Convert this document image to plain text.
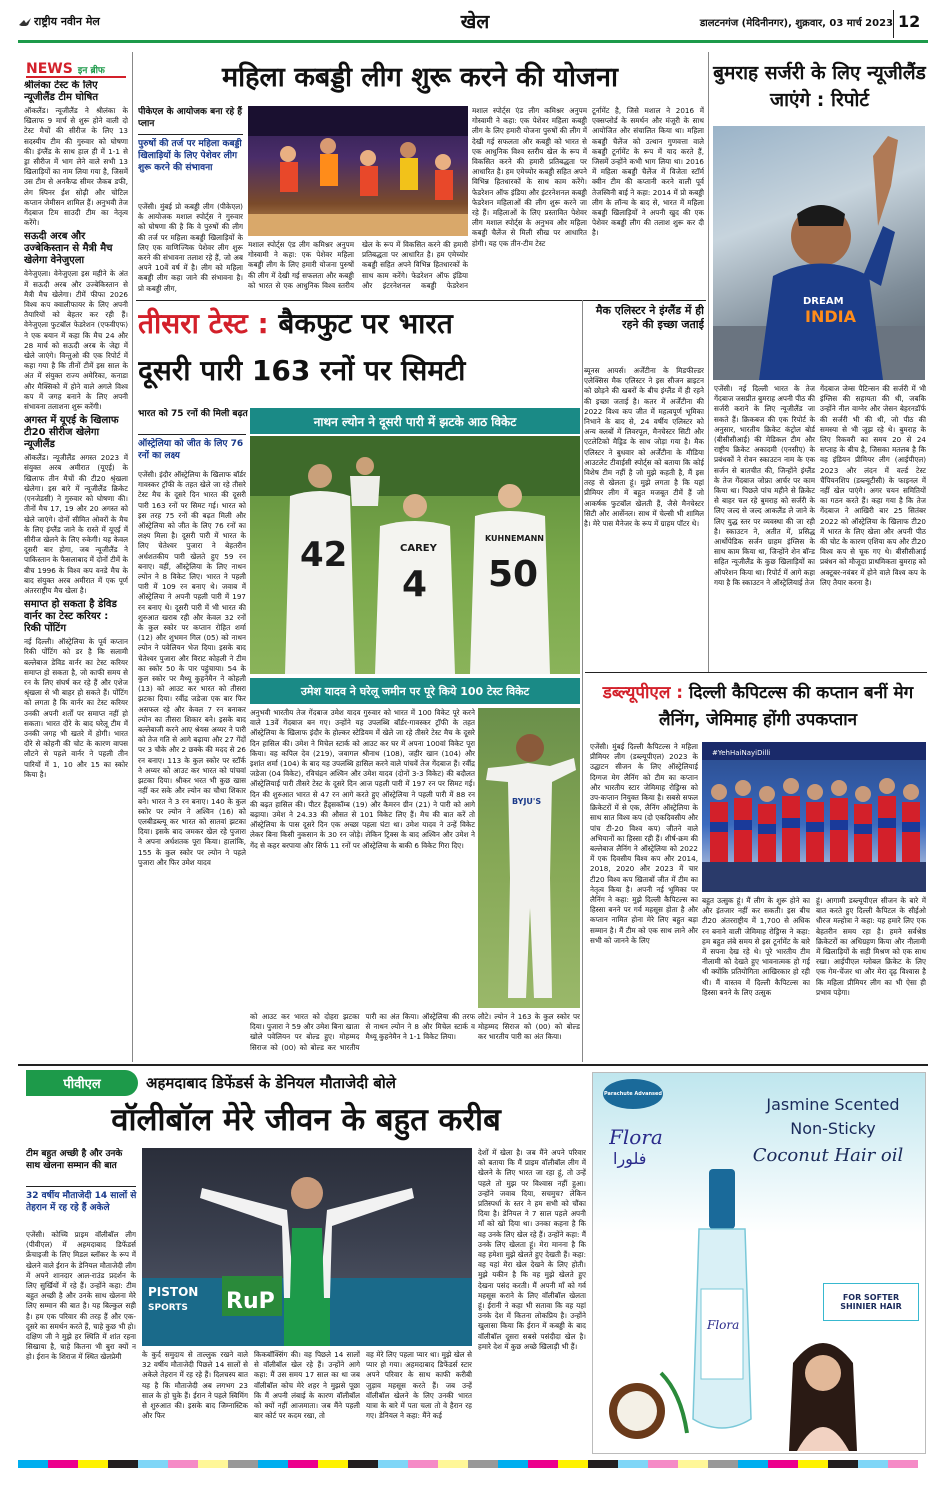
राष्ट्रीय नवीन मेल	खेल	डालटनगंज (मेदिनीनगर), शुक्रवार, 03 मार्च 2023 12
NEWS इन ब्रीफ
श्रीलंका टेस्ट के लिए न्यूजीलैंड टीम घोषित

ऑकलैंड। न्यूजीलैंड ने श्रीलंका के खिलाफ 9 मार्च से शुरू होने वाली दो टेस्ट मैचों की सीरीज के लिए 13 सदस्यीय टीम की गुरुवार को घोषणा की। इंग्लैंड के साथ हाल ही में 1-1 से ड्रा सीरीज में भाग लेने वाले सभी 13 खिलाड़ियों का नाम लिया गया है, जिसमें उस टीम से अनकैप्ड सीमर जैकब डफी, लेग स्पिनर ईश सोढ़ी और चोटिल कप्तान जेमीसन शामिल हैं। अनुभवी तेज गेंदबाज टिम साउदी टीम का नेतृत्व करेंगे।

सऊदी अरब और उज्बेकिस्तान से मैत्री मैच खेलेगा वेनेजुएला

वेनेजुएला। वेनेजुएला इस महीने के अंत में सऊदी अरब और उज्बेकिस्तान से मैत्री मैच खेलेगा। टीमें फीफा 2026 विश्व कप क्वालीफायर के लिए अपनी तैयारियों को बेहतर कर रही हैं। वेनेजुएला फुटबॉल फेडरेशन (एफवीएफ) ने एक बयान में कहा कि मैच 24 और 28 मार्च को सऊदी अरब के जेद्दा में खेले जाएंगे। विन्तुओ की एक रिपोर्ट में कहा गया है कि तीनों टीमें इस साल के अंत में संयुक्त राज्य अमेरिका, कनाडा और मैक्सिको में होने वाले अगले विश्व कप में जगह बनाने के लिए अपनी संभावना तलाशना शुरू करेंगी।

अगस्त में यूएई के खिलाफ टी20 सीरीज खेलेगा न्यूजीलैंड

ऑकलैंड। न्यूजीलैंड अगस्त 2023 में संयुक्त अरब अमीरात (यूएई) के खिलाफ तीन मैचों की टी20 श्रृंखला खेलेगा। इस बारे में न्यूजीलैंड क्रिकेट (एनजेडसी) ने गुरुवार को घोषणा की। तीनों मैच 17, 19 और 20 अगस्त को खेले जाएंगे। दोनों सीमित ओवरों के मैच के लिए इंग्लैंड जाने के रास्ते में यूएई में सीरीज खेलने के लिए रुकेगी। यह केवल दूसरी बार होगा, जब न्यूजीलैंड ने पाकिस्तान के फैसलाबाद में दोनों टीमें के बीच 1996 के विश्व कप वनडे मैच के बाद संयुक्त अरब अमीरात में एक पूर्ण अंतरराष्ट्रीय मैच खेला है।

समाप्त हो सकता है डेविड वार्नर का टेस्ट करियर : रिकी पोंटिंग

नई दिल्ली। ऑस्ट्रेलिया के पूर्व कप्तान रिकी पोंटिंग को डर है कि सलामी बल्लेबाज डेविड वार्नर का टेस्ट करियर समाप्त हो सकता है, जो काफी समय से रन के लिए संघर्ष कर रहे हैं और एशेज श्रृंखला से भी बाहर हो सकते हैं। पोंटिंग को लगता है कि वार्नर का टेस्ट करियर उनकी अपनी शर्तों पर समाप्त नहीं हो सकता। भारत दौरे के बाद घरेलू टीम में उनकी जगह भी खतरे में होगी। भारत दौरे से कोहनी की चोट के कारण वापस लौटने से पहले वार्नर ने पहली तीन पारियों में 1, 10 और 15 का स्कोर किया है।

महिला कबड्डी लीग शुरू करने की योजना
पीकेएल के आयोजक बना रहे हैं प्लान
पुरुषों की तर्ज पर महिला कबड्डी खिलाड़ियों के लिए पेशेवर लीग शुरू करने की संभावना

एजेंसी। मुंबई प्रो कबड्डी लीग (पीकेएल) के आयोजक मशाल स्पोर्ट्स ने गुरुवार को घोषणा की है कि वे पुरुषों की लीग की तर्ज पर महिला कबड्डी खिलाड़ियों के लिए एक वाणिज्यिक पेशेवर लीग शुरू करने की संभावना तलाश रहे हैं, जो अब अपने 10वें वर्ष में है। लीग को महिला कबड्डी लीग कहा जाने की संभावना है। प्रो कबड्डी लीग,

मशाल स्पोर्ट्स एंड लीग कमिश्नर अनुपम गोस्वामी ने कहा: एक पेशेवर महिला कबड्डी लीग के लिए हमारी योजना पुरुषों की लीग में देखी गई सफलता और कबड्डी को भारत से एक आधुनिक विश्व स्तरीय खेल के रूप में विकसित करने की हमारी प्रतिबद्धता पर आधारित है। हम एमेच्योर कबड्डी सहित अपने विभिन्न हितधारकों के साथ काम करेंगे। फेडरेशन ऑफ इंडिया और इंटरनेशनल कबड्डी फेडरेशन

मशाल स्पोर्ट्स एंड लीग कमिश्नर अनुपम गोस्वामी ने कहा: एक पेशेवर महिला कबड्डी लीग के लिए हमारी योजना पुरुषों की लीग में देखी गई सफलता और कबड्डी को भारत से एक आधुनिक विश्व स्तरीय खेल के रूप में विकसित करने की हमारी प्रतिबद्धता पर आधारित है। हम एमेच्योर कबड्डी सहित अपने विभिन्न हितधारकों के साथ काम करेंगे। फेडरेशन ऑफ इंडिया और इंटरनेशनल कबड्डी फेडरेशन महिलाओं की लीग शुरू करने जा रहे हैं। महिलाओं के लिए प्रस्तावित पेशेवर लीग मशाल स्पोर्ट्स के अनुभव और महिला कबड्डी चैलेंज से मिली सीख पर आधारित होगी। यह एक तीन-टीम टेस्ट

टूर्नामेंट है, जिसे मशाल ने 2016 में एक्सप्लोर्ड के समर्थन और मंजूरी के साथ आयोजित और संचालित किया था। महिला कबड्डी चैलेंज को उत्थान गुणवत्ता वाले कबड्डी टूर्नामेंट के रूप में याद करते हैं, जिसमें उन्होंने कभी भाग लिया था। 2016 में महिला कबड्डी चैलेंज में विजेता स्टॉर्म क्वीन टीम की कप्तानी करने वाली पूर्व तेजस्विनी बाई ने कहा: 2014 में प्रो कबड्डी लीग के लॉन्च के बाद से, भारत में महिला कबड्डी खिलाड़ियों ने अपनी खुद की एक पेशेवर कबड्डी लीग की तलाश शुरू कर दी है।

बुमराह सर्जरी के लिए न्यूजीलैंड जाएंगे : रिपोर्ट
INDIA
DREAM

एजेंसी। नई दिल्ली भारत के तेज गेंदबाज जसप्रीत बुमराह अपनी पीठ की सर्जरी कराने के लिए न्यूजीलैंड जा सकते हैं। क्रिकबज की एक रिपोर्ट के अनुसार, भारतीय क्रिकेट कंट्रोल बोर्ड (बीसीसीआई) की मेडिकल टीम और राष्ट्रीय क्रिकेट अकादमी (एनसीए) के प्रबंधकों ने रोवन स्काउटन नाम के एक सर्जन से बातचीत की, जिन्होंने इंग्लैंड के तेज गेंदबाज जोफ्रा आर्चर पर काम किया था। पिछले पांच महीने से क्रिकेट से बाहर चल रहे बुमराह को सर्जरी के लिए जल्द से जल्द आकलैंड ले जाने के लिए युद्ध स्तर पर व्यवस्था की जा रही है। स्काउटन ने, अतीत में, प्रसिद्ध आर्थोपेडिक सर्जन ग्राहम इंग्लिस के साथ काम किया था, जिन्होंने शेन बॉन्ड सहित न्यूजीलैंड के कुछ खिलाड़ियों का ऑपरेशन किया था। रिपोर्ट में आगे कहा गया है कि स्काउटन ने ऑस्ट्रेलियाई तेज

गेंदबाज जेम्स पैटिन्सन की सर्जरी में भी इंग्लिस की सहायता की थी, जबकि उन्होंने नील वाग्नेर और जेसन बेहरनडॉर्फ की सर्जरी भी की थी, जो पीठ की समस्या से भी जूझ रहे थे। बुमराह के लिए रिकवरी का समय 20 से 24 सप्ताह के बीच है, जिसका मतलब है कि वह इंडियन प्रीमियर लीग (आईपीएल) 2023 और लंदन में वर्ल्ड टेस्ट चैंपियनशिप (डब्ल्यूटीसी) के फाइनल में नहीं खेल पाएंगे। अगर चयन समितियों का गठन करते हैं। कहा गया है कि तेज गेंदबाज ने आखिरी बार 25 सितंबर 2022 को ऑस्ट्रेलिया के खिलाफ टी20 में भारत के लिए खेला और अपनी पीठ की चोट के कारण एशिया कप और टी20 विश्व कप से चूक गए थे। बीसीसीआई प्रबंधन को मौजूदा प्राथमिकता बुमराह को अक्टूबर-नवंबर में होने वाले विश्व कप के लिए तैयार करना है।

तीसरा टेस्ट : बैकफुट पर भारत
दूसरी पारी 163 रनों पर सिमटी
भारत को 75 रनों की मिली बढ़त
ऑस्ट्रेलिया को जीत के लिए 76 रनों का लक्ष्य

एजेंसी। इंदौर ऑस्ट्रेलिया के खिलाफ बॉर्डर गावस्कर ट्रॉफी के तहत खेले जा रहे तीसरे टेस्ट मैच के दूसरे दिन भारत की दूसरी पारी 163 रनों पर सिमट गई। भारत को इस तरह 75 रनों की बढ़त मिली और ऑस्ट्रेलिया को जीत के लिए 76 रनों का लक्ष्य मिला है। दूसरी पारी में भारत के लिए चेतेश्वर पुजारा ने बेहतरीन अर्धशतकीय पारी खेलते हुए 59 रन बनाए। वहीं, ऑस्ट्रेलिया के लिए नाथन ल्योन ने 8 विकेट लिए। भारत ने पहली पारी में 109 रन बनाए थे। जवाब में ऑस्ट्रेलिया ने अपनी पहली पारी में 197 रन बनाए थे। दूसरी पारी में भी भारत की शुरुआत खराब रही और केवल 32 रनों के कुल स्कोर पर कप्तान रोहित शर्मा (12) और शुभमन गिल (05) को नाथन ल्योन ने पवेलियन भेज दिया। इसके बाद चेतेश्वर पुजारा और विराट कोहली ने टीम का स्कोर 50 के पार पहुंचाया। 54 के कुल स्कोर पर मैथ्यू कुहनेमैन ने कोहली (13) को आउट कर भारत को तीसरा झटका दिया। रवींद्र जडेजा एक बार फिर असफल रहे और केवल 7 रन बनाकर ल्योन का तीसरा शिकार बने। इसके बाद बल्लेबाजी करने आए श्रेयस अय्यर ने पारी को तेज गति से आगे बढ़ाया और 27 गेंदों पर 3 चौके और 2 छक्के की मदद से 26 रन बनाए। 113 के कुल स्कोर पर स्टॉर्क ने अय्यर को आउट कर भारत को पांचवां झटका दिया। श्रीकर भरत भी कुछ खास नहीं कर सके और ल्योन का चौथा शिकार बने। भारत ने 3 रन बनाए। 140 के कुल स्कोर पर ल्योन ने अश्विन (16) को एलबीडब्ल्यू कर भारत को सातवां झटका दिया। इसके बाद जमकर खेल रहे पुजारा ने अपना अर्धशतक पूरा किया। हालांकि, 155 के कुल स्कोर पर ल्योन ने पहले पुजारा और फिर उमेश यादव

नाथन ल्योन ने दूसरी पारी में झटके आठ विकेट
42	CAREY
4
KUHNEMANN
50
मैक एलिस्टर ने इंग्लैंड में ही रहने की इच्छा जताई

ब्यूनस आयर्स। अर्जेंटीना के मिडफील्डर एलेक्सिस मैक एलिस्टर ने इस सीजन ब्राइटन को छोड़ने की खबरों के बीच इंग्लैंड में ही रहने की इच्छा जताई है। कतर में अर्जेंटीना की 2022 विश्व कप जीत में महत्वपूर्ण भूमिका निभाने के बाद से, 24 वर्षीय एलिस्टर को अन्य क्लबों में लिवरपूल, मैनचेस्टर सिटी और एटलेटिको मैड्रिड के साथ जोड़ा गया है। मैक एलिस्टर ने बुधवार को अर्जेंटीना के मीडिया आउटलेट टीवाईसी स्पोर्ट्स को बताया कि कोई विशेष टीम नहीं है जो मुझे कहती है, मैं इस तरह से खेलता हूं। मुझे लगता है कि यहां प्रीमियर लीग में बहुत मजबूत टीमें हैं जो आकर्षक फुटबॉल खेलती हैं, जैसे मैनचेस्टर सिटी और आर्सेनल। साथ में चेल्सी भी शामिल है। मेरे पास मैनेजर के रूप में ग्राहम पॉटर थे।

उमेश यादव ने घरेलू जमीन पर पूरे किये 100 टेस्ट विकेट

अनुभवी भारतीय तेज गेंदबाज उमेश यादव गुरुवार को भारत में 100 विकेट पूरे करने वाले 13वें गेंदबाज बन गए। उन्होंने यह उपलब्धि बॉर्डर-गावस्कर ट्रॉफी के तहत ऑस्ट्रेलिया के खिलाफ इंदौर के होल्कर स्टेडियम में खेले जा रहे तीसरे टेस्ट मैच के दूसरे दिन हासिल की। उमेश ने मिचेल स्टार्क को आउट कर घर में अपना 100वां विकेट पूरा किया। वह कपिल देव (219), जवागल श्रीनाथ (108), जहीर खान (104) और इशांत शर्मा (104) के बाद यह उपलब्धि हासिल करने वाले पांचवें तेज गेंदबाज हैं। रवींद्र जडेजा (04 विकेट), रविचंद्रन अश्विन और उमेश यादव (दोनों 3-3 विकेट) की बदौलत ऑस्ट्रेलियाई पारी तीसरे टेस्ट के दूसरे दिन आज पहली पारी में 197 रन पर सिमट गई। दिन की शुरुआत भारत से 47 रन आगे करते हुए ऑस्ट्रेलिया ने पहली पारी में 88 रन की बढ़त हासिल की। पीटर हैंड्सकॉम्ब (19) और कैमरन ग्रीन (21) ने पारी को आगे बढ़ाया। उमेश ने 24.33 की औसत से 101 विकेट लिए हैं। मैच की बात करें तो ऑस्ट्रेलिया के पास दूसरे दिन एक अच्छा पहला घंटा था। उमेश यादव ने उन्हें विकेट लेकर बिना किसी नुकसान के 30 रन जोड़े। लेकिन ट्रिक्स के बाद अश्विन और उमेश ने गेंद से कहर बरपाया और सिर्फ 11 रनों पर ऑस्ट्रेलिया के बाकी 6 विकेट गिरा दिए।

BYJU'S

को आउट कर भारत को दोहरा झटका दिया। पुजारा ने 59 और उमेश बिना खाता खोले पवेलियन पर बोल्ड हुए। मोहम्मद सिराज को (00) को बोल्ड कर भारतीय पारी का अंत किया। ऑस्ट्रेलिया की तरफ से नाथन ल्योन ने 8 और मिचेल स्टार्क व मैथ्यू कुहनेमैन ने 1-1 विकेट लिया।

लौटे। ल्योन ने 163 के कुल स्कोर पर मोहम्मद सिराज को (00) को बोल्ड कर भारतीय पारी का अंत किया।

डब्ल्यूपीएल : दिल्ली कैपिटल्स की कप्तान बनीं मेग लैनिंग, जेमिमाह होंगी उपकप्तान

एजेंसी। मुंबई दिल्ली कैपिटल्स ने महिला प्रीमियर लीग (डब्ल्यूपीएल) 2023 के उद्घाटन सीजन के लिए ऑस्ट्रेलियाई दिग्गज मेग लैनिंग को टीम का कप्तान और भारतीय स्टार जेमिमाह रोड्रिग्स को उप-कप्तान नियुक्त किया है। सबसे सफल क्रिकेटरों में से एक, लैनिंग ऑस्ट्रेलिया के साथ सात विश्व कप (दो एकदिवसीय और पांच टी-20 विश्व कप) जीतने वाले अभियानों का हिस्सा रही हैं। शीर्ष-क्रम की बल्लेबाज लैनिंग ने ऑस्ट्रेलिया को 2022 में एक दिवसीय विश्व कप और 2014, 2018, 2020 और 2023 में चार टी20 विश्व कप खिताबों जीत में टीम का नेतृत्व किया है। अपनी नई भूमिका पर लैनिंग ने कहा: मुझे दिल्ली कैपिटल्स का हिस्सा बनने पर गर्व महसूस होता है और कप्तान नामित होना मेरे लिए बहुत बड़ा सम्मान है। मैं टीम को एक साथ लाने और सभी को जानने के लिए

#YehHaiNayiDilli

बहुत उत्सुक हूं। मैं लीग के शुरू होने का और इंतजार नहीं कर सकती। इस बीच टी20 अंतरराष्ट्रीय में 1,700 से अधिक रन बनाने वाली जेमिमाह रोड्रिग्स ने कहा: हम बहुत लंबे समय से इस टूर्नामेंट के बारे में सपना देख रहे थे। पूरे भारतीय टीम नीलामी को देखते हुए भावनात्मक हो गई थी क्योंकि प्रतियोगिता आखिरकार हो रही थी। मैं वास्तव में दिल्ली कैपिटल्स का हिस्सा बनने के लिए उत्सुक

हूं। आगामी डब्ल्यूपीएल सीजन के बारे में बात करते हुए दिल्ली कैपिटल के सीईओ धीरज मल्होत्रा ने कहा: यह हमारे लिए एक बेहतरीन समय रहा है। हमने सर्वश्रेष्ठ क्रिकेटरों का अधिग्रहण किया और नीलामी में खिलाड़ियों के सही मिश्रण को एक साथ रखा। आईपीएल ग्लोबल क्रिकेट के लिए एक गेम-चेंजर था और मेरा दृढ़ विश्वास है कि महिला प्रीमियर लीग का भी ऐसा ही प्रभाव पड़ेगा।

पीवीएल	अहमदाबाद डिफेंडर्स के डेनियल मौताजेदी बोले
वॉलीबॉल मेरे जीवन के बहुत करीब
टीम बहुत अच्छी है और उनके साथ खेलना सम्मान की बात
32 वर्षीय मौताजेदी 14 सालों से तेहरान में रह रहे हैं अकेले

एजेंसी। कोच्चि प्राइम वॉलीबॉल लीग (पीवीएल) में अहमदाबाद डिफेंडर्स फ्रेंचाइजी के लिए मिडल ब्लॉकर के रूप में खेलने वाले ईरान के डेनियल मौताजेदी लीग में अपने शानदार आल-राउंड प्रदर्शन के लिए सुर्खियों में रहे हैं। उन्होंने कहा: टीम बहुत अच्छी है और उनके साथ खेलना मेरे लिए सम्मान की बात है। यह बिल्कुल सही है। हम एक परिवार की तरह हैं और एक-दूसरे का समर्थन करते हैं, चाहे कुछ भी हो। दक्षिण जी ने मुझे हर स्थिति में शांत रहना सिखाया है, चाहे कितना भी बुरा क्यों न हो। ईरान के शिराज में स्थित खेलप्रेमी

PISTON
SPORTS RuP

के कुर्द समुदाय से ताल्लुक रखने वाले 32 वर्षीय मौताजेदी पिछले 14 सालों से अकेले तेहरान में रह रहे हैं। दिलचस्प बात यह है कि मौताजेदी अब लगभग 23 साल के हो चुके हैं। ईरान ने पहले स्विमिंग से शुरुआत की। इसके बाद जिम्नास्टिक और फिर

किकबॉक्सिंग की। वह पिछले 14 सालों से वॉलीबॉल खेल रहे हैं। उन्होंने आगे कहा: मैं उस समय 17 साल का था जब वॉलीबॉल कोच मेरे शहर ने मुझसे पूछा कि मैं अपनी लंबाई के कारण वॉलीबॉल को क्यों नहीं आजमाता। जब मैंने पहली बार कोर्ट पर कदम रखा, तो

वह मेरे लिए पहला प्यार था। मुझे खेल से प्यार हो गया। अहमदाबाद डिफेंडर्स स्टार अपने परिवार के साथ काफी करीबी जुड़ाव महसूस करते हैं। जब उन्हें वॉलीबॉल खेलने के लिए उनकी भारत यात्रा के बारे में पता चला तो वे हैरान रह गए। डेनियल ने कहा: मैंने कई

देशों में खेला है। जब मैंने अपने परिवार को बताया कि मैं प्राइम वॉलीबॉल लीग में खेलने के लिए भारत जा रहा हूं, तो उन्हें पहले तो मुझ पर विश्वास नहीं हुआ। उन्होंने जवाब दिया, सचमुच? लेकिन प्रतिस्पर्धा के स्तर ने हम सभी को चौंका दिया है। डेनियल ने 7 साल पहले अपनी माँ को खो दिया था। उनका कहना है कि वह उनके लिए खेल रहे हैं। उन्होंने कहा: मैं उनके लिए खेलता हूं। मेरा मानना है कि वह हमेशा मुझे खेलते हुए देखती हैं। कहा: वह यहां मेरा खेल देखने के लिए होती। मुझे यकीन है कि वह मुझे खेलते हुए देखना पसंद करती। मैं अपनी माँ को गर्व महसूस कराने के लिए वॉलीबॉल खेलता हूं। ईरानी ने कहा भी सतावा कि वह यहां उनके देश में कितना लोकप्रिय है। उन्होंने खुलासा किया कि ईरान में कबड्डी के बाद वॉलीबॉल दूसरा सबसे पसंदीदा खेल है। हमारे देश में कुछ अच्छे खिलाड़ी भी हैं।

Parachute Advansed
Flora
فلورا
Jasmine Scented
Non-Sticky
Coconut Hair oil
Flora
FOR SOFTER
SHINIER HAIR
